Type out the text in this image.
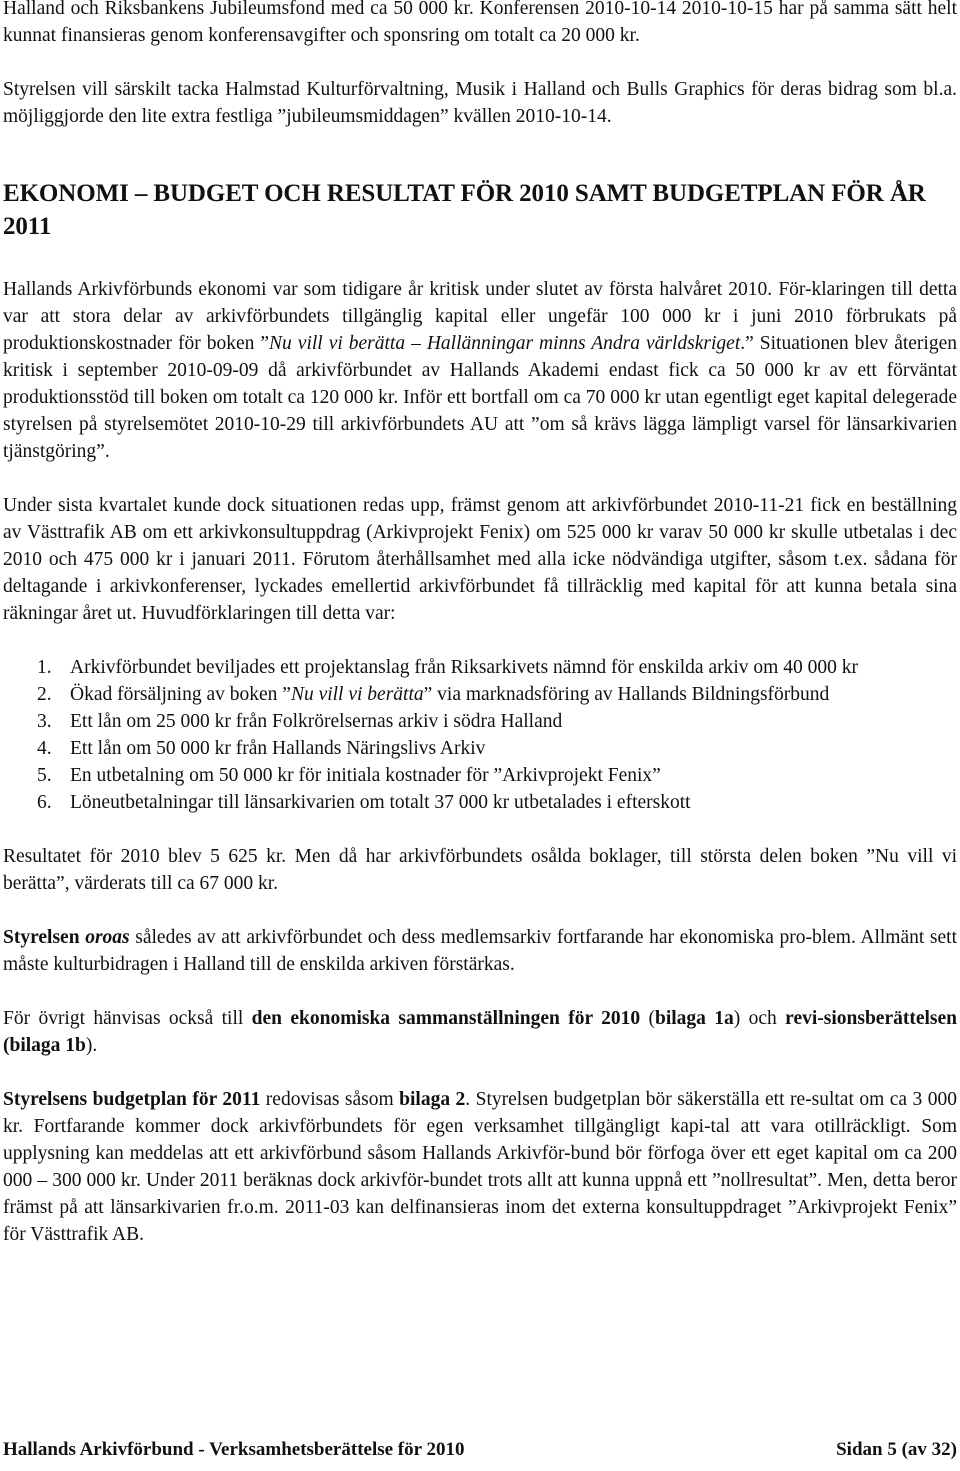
Halland och Riksbankens Jubileumsfond med ca 50 000 kr. Konferensen 2010-10-14 2010-10-15 har på samma sätt helt kunnat finansieras genom konferensavgifter och sponsring om totalt ca 20 000 kr.

Styrelsen vill särskilt tacka Halmstad Kulturförvaltning, Musik i Halland och Bulls Graphics för deras bidrag som bl.a. möjliggjorde den lite extra festliga ”jubileumsmiddagen” kvällen 2010-10-14.

EKONOMI – BUDGET OCH RESULTAT FÖR 2010 SAMT BUDGETPLAN FÖR ÅR 2011

Hallands Arkivförbunds ekonomi var som tidigare år kritisk under slutet av första halvåret 2010. För-klaringen till detta var att stora delar av arkivförbundets tillgänglig kapital eller ungefär 100 000 kr i juni 2010 förbrukats på produktionskostnader för boken ”Nu vill vi berätta – Hallänningar minns Andra världskriget.” Situationen blev återigen kritisk i september 2010-09-09 då arkivförbundet av Hallands Akademi endast fick ca 50 000 kr av ett förväntat produktionsstöd till boken om totalt ca 120 000 kr. Inför ett bortfall om ca 70 000 kr utan egentligt eget kapital delegerade styrelsen på styrelsemötet 2010-10-29 till arkivförbundets AU att ”om så krävs lägga lämpligt varsel för länsarkivarien tjänstgöring”.

Under sista kvartalet kunde dock situationen redas upp, främst genom att arkivförbundet 2010-11-21 fick en beställning av Västtrafik AB om ett arkivkonsultuppdrag (Arkivprojekt Fenix) om 525 000 kr varav 50 000 kr skulle utbetalas i dec 2010 och 475 000 kr i januari 2011. Förutom återhållsamhet med alla icke nödvändiga utgifter, såsom t.ex. sådana för deltagande i arkivkonferenser, lyckades emellertid arkivförbundet få tillräcklig med kapital för att kunna betala sina räkningar året ut. Huvudförklaringen till detta var:

1. Arkivförbundet beviljades ett projektanslag från Riksarkivets nämnd för enskilda arkiv om 40 000 kr
2. Ökad försäljning av boken ”Nu vill vi berätta” via marknadsföring av Hallands Bildningsförbund
3. Ett lån om 25 000 kr från Folkrörelsernas arkiv i södra Halland
4. Ett lån om 50 000 kr från Hallands Näringslivs Arkiv
5. En utbetalning om 50 000 kr för initiala kostnader för ”Arkivprojekt Fenix”
6. Löneutbetalningar till länsarkivarien om totalt 37 000 kr utbetalades i efterskott

Resultatet för 2010 blev 5 625 kr. Men då har arkivförbundets osålda boklager, till största delen boken ”Nu vill vi berätta”, värderats till ca 67 000 kr.

Styrelsen oroas således av att arkivförbundet och dess medlemsarkiv fortfarande har ekonomiska pro-blem. Allmänt sett måste kulturbidragen i Halland till de enskilda arkiven förstärkas.

För övrigt hänvisas också till den ekonomiska sammanställningen för 2010 (bilaga 1a) och revi-sionsberättelsen (bilaga 1b).

Styrelsens budgetplan för 2011 redovisas såsom bilaga 2. Styrelsen budgetplan bör säkerställa ett re-sultat om ca 3 000 kr. Fortfarande kommer dock arkivförbundets för egen verksamhet tillgängligt kapi-tal att vara otillräckligt. Som upplysning kan meddelas att ett arkivförbund såsom Hallands Arkivför-bund bör förfoga över ett eget kapital om ca 200 000 – 300 000 kr. Under 2011 beräknas dock arkivför-bundet trots allt att kunna uppnå ett ”nollresultat”. Men, detta beror främst på att länsarkivarien fr.o.m. 2011-03 kan delfinansieras inom det externa konsultuppdraget ”Arkivprojekt Fenix” för Västtrafik AB.

Hallands Arkivförbund - Verksamhetsberättelse för 2010	Sidan 5 (av 32)
